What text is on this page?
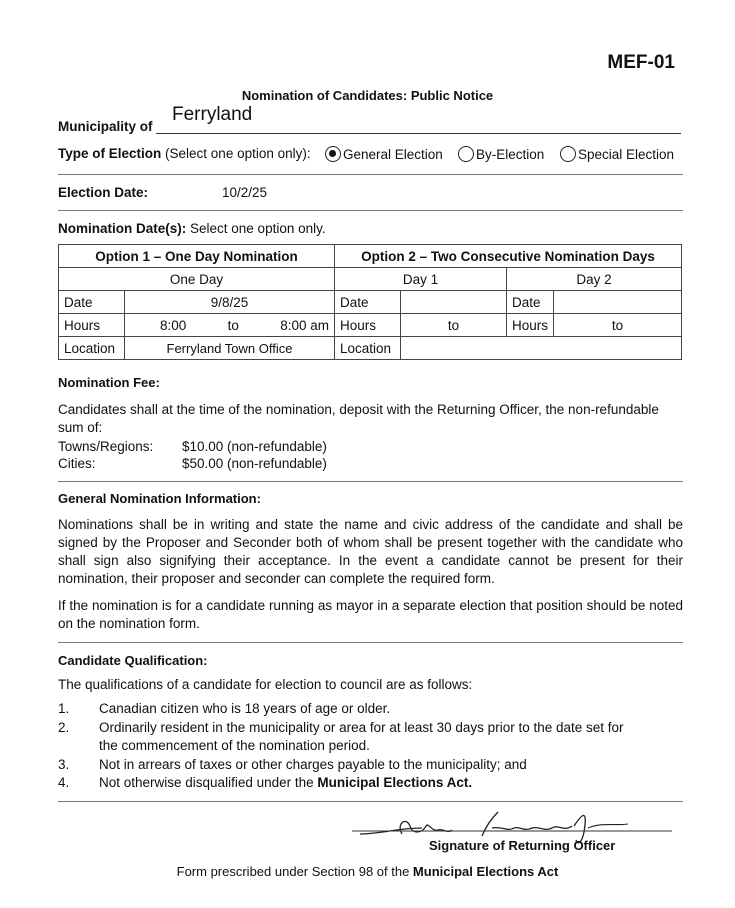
MEF-01
Nomination of Candidates: Public Notice
Municipality of
Ferryland
Type of Election (Select one option only): General Election By-Election Special Election
Election Date:	10/2/25
Nomination Date(s): Select one option only.
Option 1 – One Day Nomination		Option 2 – Two Consecutive Nomination Days			
One Day		Day 1		Day 2	
Date	9/8/25	Date		Date	
Hours	8:00 to 8:00 am	Hours	to	Hours	to
Location	Ferryland Town Office	Location			
Nomination Fee:
Candidates shall at the time of the nomination, deposit with the Returning Officer, the non-refundable sum of:
Towns/Regions: $10.00 (non-refundable)
Cities:	$50.00 (non-refundable)
General Nomination Information:
Nominations shall be in writing and state the name and civic address of the candidate and shall be signed by the Proposer and Seconder both of whom shall be present together with the candidate who shall sign also signifying their acceptance. In the event a candidate cannot be present for their nomination, their proposer and seconder can complete the required form.
If the nomination is for a candidate running as mayor in a separate election that position should be noted on the nomination form.
Candidate Qualification:
The qualifications of a candidate for election to council are as follows:
1. Canadian citizen who is 18 years of age or older.
2. Ordinarily resident in the municipality or area for at least 30 days prior to the date set for the commencement of the nomination period.
3. Not in arrears of taxes or other charges payable to the municipality; and
4. Not otherwise disqualified under the Municipal Elections Act.
Signature of Returning Officer
Form prescribed under Section 98 of the Municipal Elections Act
